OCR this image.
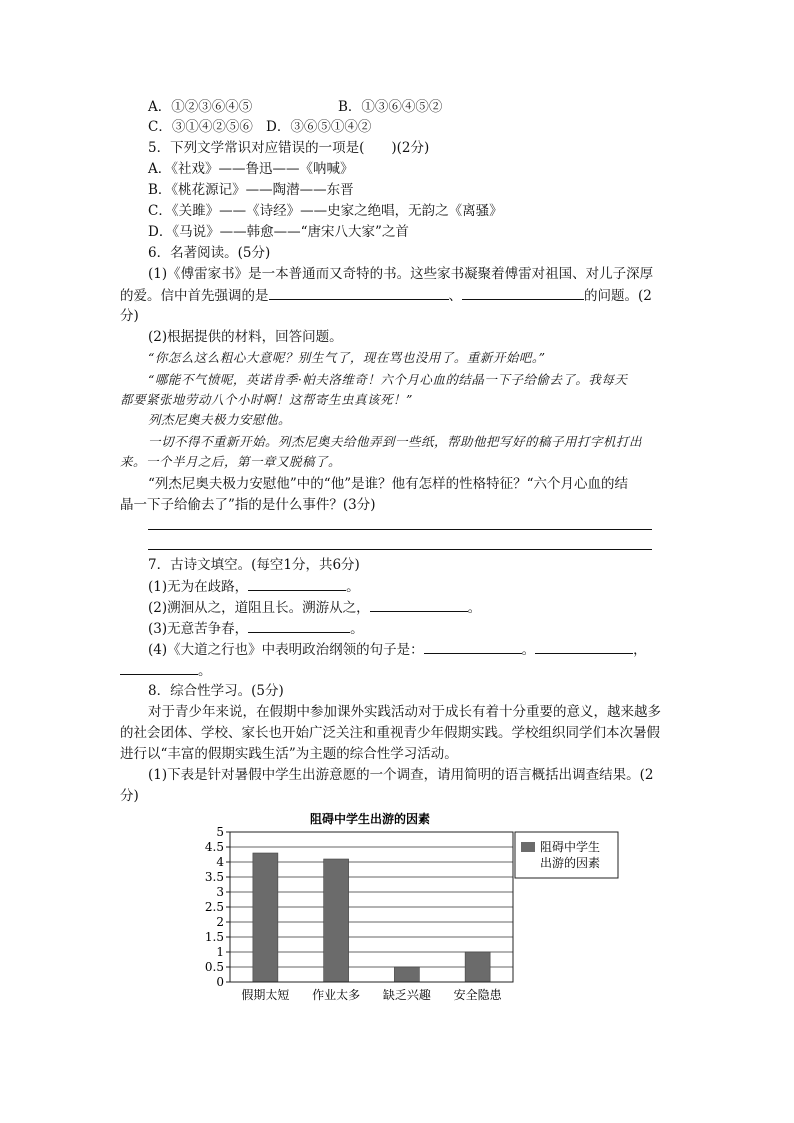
A．①②③⑥④⑤	B．①③⑥④⑤②
C．③①④②⑤⑥ D．③⑥⑤①④②
5．下列文学常识对应错误的一项是(　　)(2分)
A．《社戏》——鲁迅——《呐喊》
B．《桃花源记》——陶潜——东晋
C．《关雎》——《诗经》——史家之绝唱，无韵之《离骚》
D．《马说》——韩愈——“唐宋八大家”之首
6．名著阅读。(5分)
(1)《傅雷家书》是一本普通而又奇特的书。这些家书凝聚着傅雷对祖国、对儿子深厚
的爱。信中首先强调的是	、	的问题。(2
分)
(2)根据提供的材料，回答问题。
“你怎么这么粗心大意呢？别生气了，现在骂也没用了。重新开始吧。”
“哪能不气愤呢，英诺肯季·帕夫洛维奇！六个月心血的结晶一下子给偷去了。我每天
都要紧张地劳动八个小时啊！这帮寄生虫真该死！”
列杰尼奥夫极力安慰他。
一切不得不重新开始。列杰尼奥夫给他弄到一些纸，帮助他把写好的稿子用打字机打出
来。一个半月之后，第一章又脱稿了。
“列杰尼奥夫极力安慰他”中的“他”是谁？他有怎样的性格特征？“六个月心血的结
晶一下子给偷去了”指的是什么事件？(3分)
7．古诗文填空。(每空1分，共6分)
(1)无为在歧路，	。
(2)溯洄从之，道阻且长。溯游从之，	。
(3)无意苦争春，	。
(4)《大道之行也》中表明政治纲领的句子是：	。	，
。
8．综合性学习。(5分)
对于青少年来说，在假期中参加课外实践活动对于成长有着十分重要的意义，越来越多
的社会团体、学校、家长也开始广泛关注和重视青少年假期实践。学校组织同学们本次暑假
进行以“丰富的假期实践生活”为主题的综合性学习活动。
(1)下表是针对暑假中学生出游意愿的一个调查，请用简明的语言概括出调查结果。(2
分)
阻碍中学生出游的因素
0
0.5
1
1.5
2
2.5
3
3.5
4
4.5
5
假期太短 作业太多 缺乏兴趣 安全隐患
阻碍中学生
出游的因素
